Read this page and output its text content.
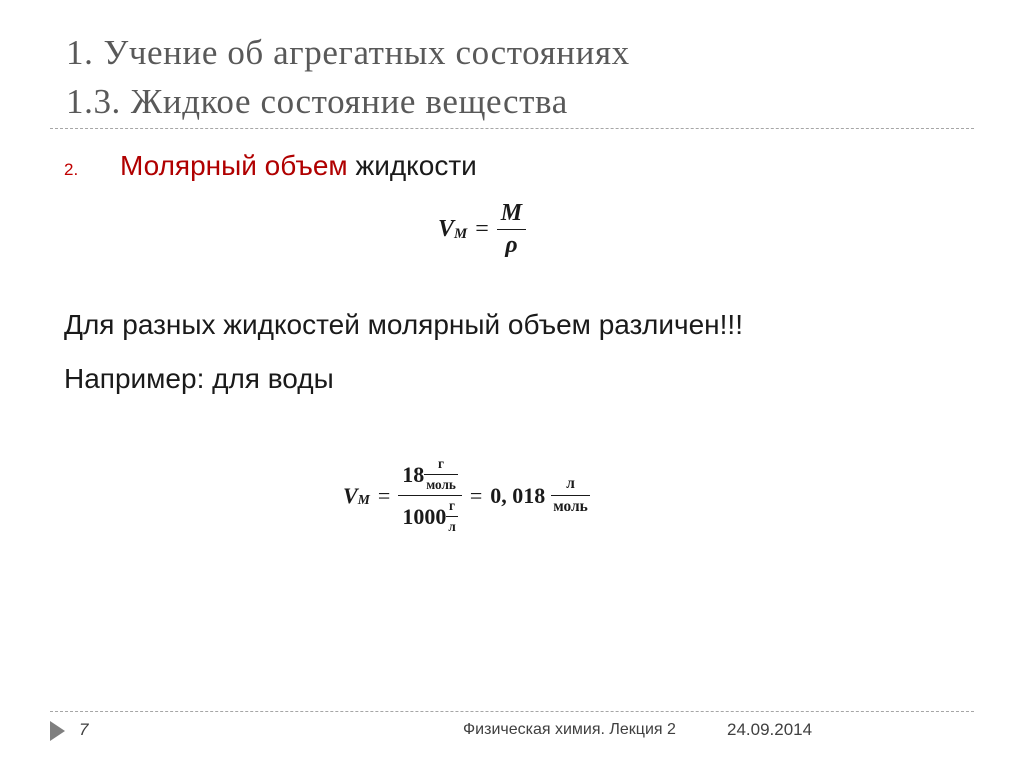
1. Учение об агрегатных состояниях
1.3. Жидкое состояние вещества
2. Молярный объем жидкости
V $M = \frac{M}{\rho}$
Для разных жидкостей молярный объем различен!!!
Например: для воды
V $M = \frac{18 \frac{г}{\text{моль}}}{1000 \frac{г}{л}} = 0$, $018 \frac{л}{\text{моль}}$
7	Физическая химия. Лекция 2	24.09.2014
